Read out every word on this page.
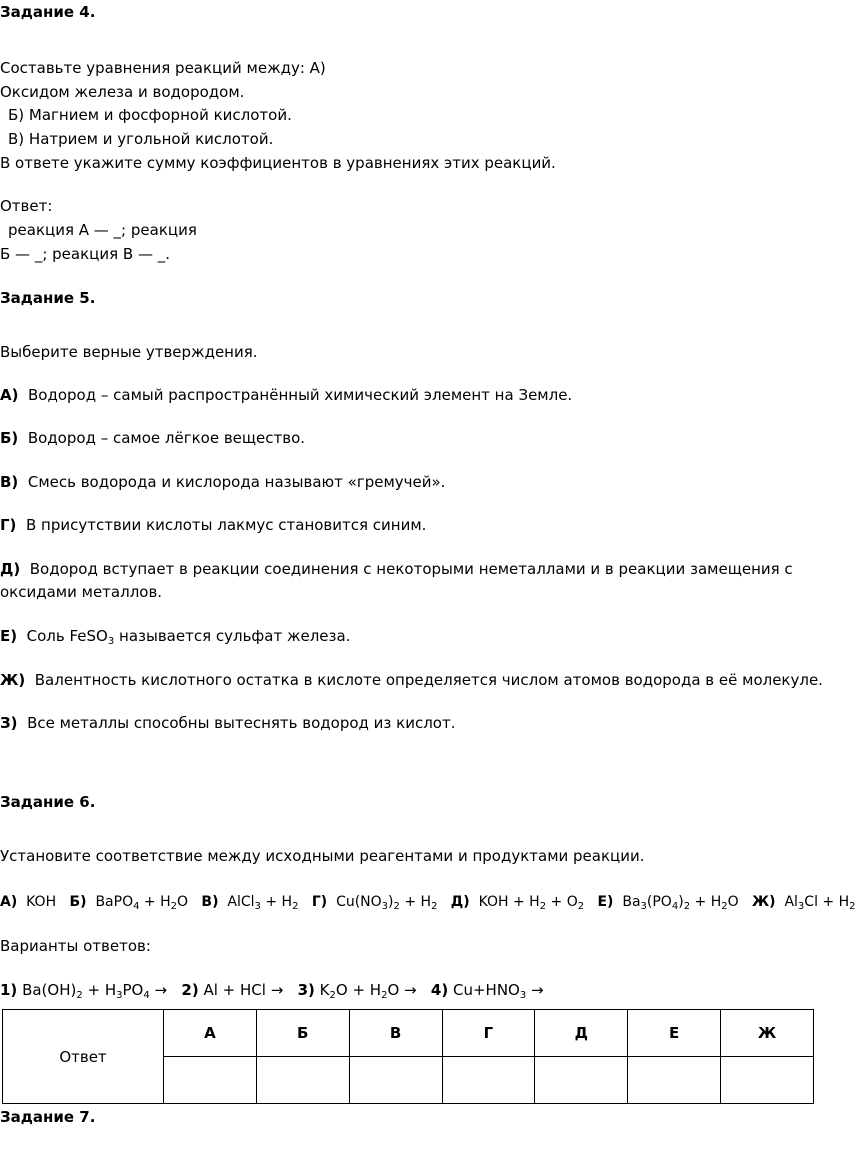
Задание 4.
Составьте уравнения реакций между: А)
Оксидом железа и водородом.
Б) Магнием и фосфорной кислотой.
В) Натрием и угольной кислотой.
В ответе укажите сумму коэффициентов в уравнениях этих реакций.
Ответ:
реакция А — _; реакция
Б — _; реакция В — _.
Задание 5.
Выберите верные утверждения.
А) Водород – самый распространённый химический элемент на Земле.
Б) Водород – самое лёгкое вещество.
В) Смесь водорода и кислорода называют «гремучей».
Г) В присутствии кислоты лакмус становится синим.
Д) Водород вступает в реакции соединения с некоторыми неметаллами и в реакции замещения с
оксидами металлов.
Е) Соль FeSO$_3$ называется сульфат железа.
Ж) Валентность кислотного остатка в кислоте определяется числом атомов водорода в её молекуле.
З) Все металлы способны вытеснять водород из кислот.
Задание 6.
Установите соответствие между исходными реагентами и продуктами реакции.
А) KOH Б) BaPO$_4$ + $H_2O$ В) AlCl$_3$ + $H_2$ Г) $Cu(NO_3)_2 + H_2$ Д) KOH + $H_2 + O_2$ Е) $Ba_3(PO_4)_2 + H_2O$ Ж) $Al_3Cl + H_2$
Варианты ответов:
1) $Ba(OH)_2 + H_3PO_4 \to 2$) Al + HCl → 3) $K_2O + H_2O \to 4$) $Cu+HNO_3$ →
Ответ	А	Б	В	Г	Д	Е	Ж

Задание 7.
